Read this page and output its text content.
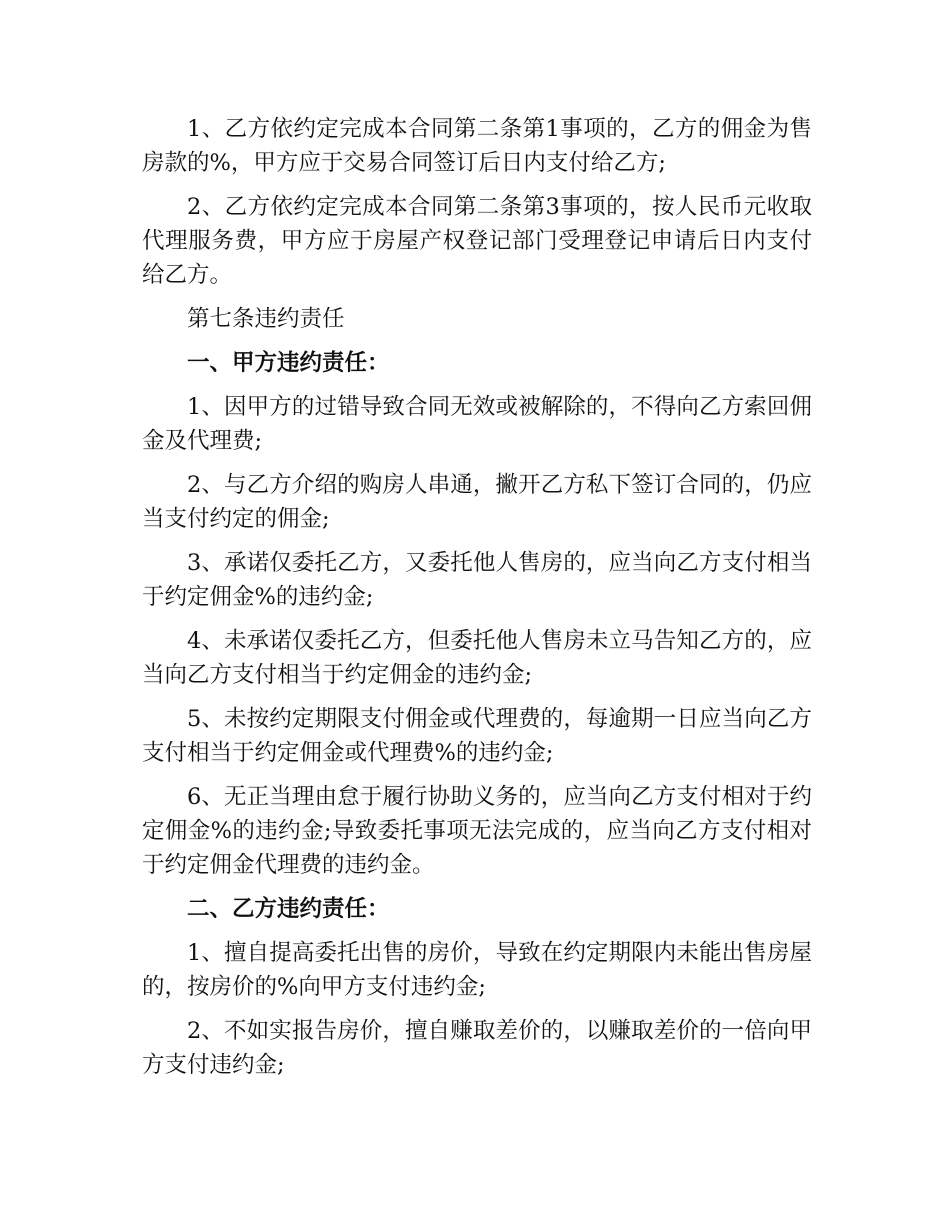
1、乙方依约定完成本合同第二条第1事项的，乙方的佣金为售房款的%，甲方应于交易合同签订后日内支付给乙方;

2、乙方依约定完成本合同第二条第3事项的，按人民币元收取代理服务费，甲方应于房屋产权登记部门受理登记申请后日内支付给乙方。

第七条违约责任

一、甲方违约责任：

1、因甲方的过错导致合同无效或被解除的，不得向乙方索回佣金及代理费;

2、与乙方介绍的购房人串通，撇开乙方私下签订合同的，仍应当支付约定的佣金;

3、承诺仅委托乙方，又委托他人售房的，应当向乙方支付相当于约定佣金%的违约金;

4、未承诺仅委托乙方，但委托他人售房未立马告知乙方的，应当向乙方支付相当于约定佣金的违约金;

5、未按约定期限支付佣金或代理费的，每逾期一日应当向乙方支付相当于约定佣金或代理费%的违约金;

6、无正当理由怠于履行协助义务的，应当向乙方支付相对于约定佣金%的违约金;导致委托事项无法完成的，应当向乙方支付相对于约定佣金代理费的违约金。

二、乙方违约责任：

1、擅自提高委托出售的房价，导致在约定期限内未能出售房屋的，按房价的%向甲方支付违约金;

2、不如实报告房价，擅自赚取差价的，以赚取差价的一倍向甲方支付违约金;
